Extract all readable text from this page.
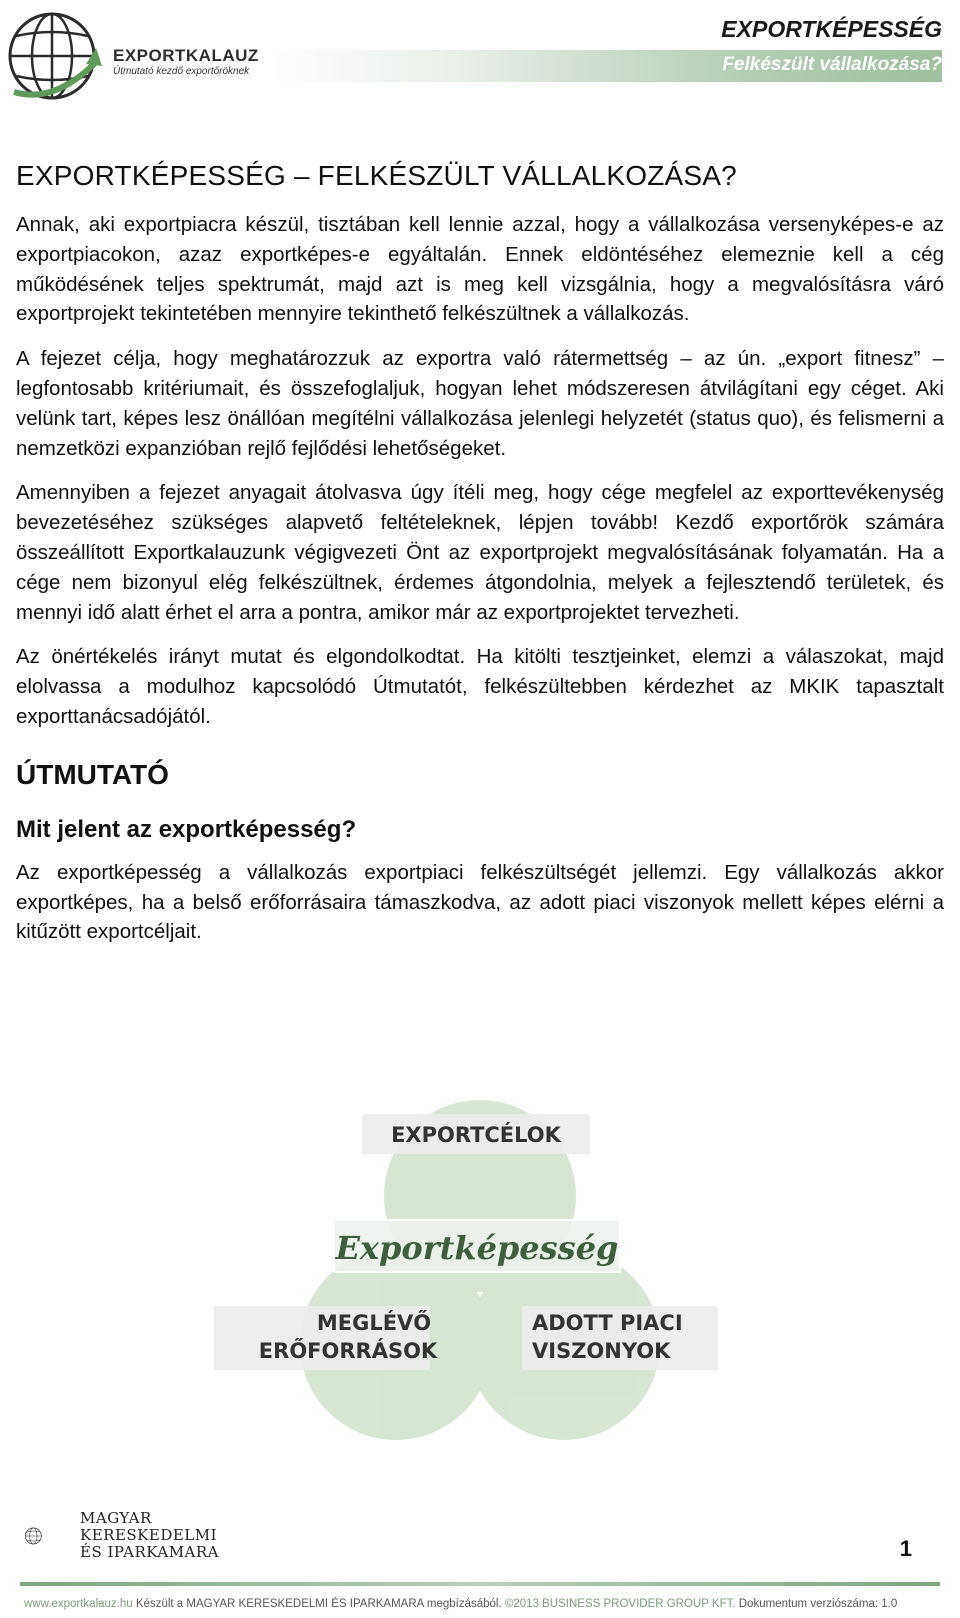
EXPORTKALAUZ
Útmutató kezdő exportőröknek
EXPORTKÉPESSÉG
Felkészült vállalkozása?
EXPORTKÉPESSÉG – FELKÉSZÜLT VÁLLALKOZÁSA?

Annak, aki exportpiacra készül, tisztában kell lennie azzal, hogy a vállalkozása versenyképes-e az exportpiacokon, azaz exportképes-e egyáltalán. Ennek eldöntéséhez elemeznie kell a cég működésének teljes spektrumát, majd azt is meg kell vizsgálnia, hogy a megvalósításra váró exportprojekt tekintetében mennyire tekinthető felkészültnek a vállalkozás.

A fejezet célja, hogy meghatározzuk az exportra való rátermettség – az ún. „export fitnesz” – legfontosabb kritériumait, és összefoglaljuk, hogyan lehet módszeresen átvilágítani egy céget. Aki velünk tart, képes lesz önállóan megítélni vállalkozása jelenlegi helyzetét (status quo), és felismerni a nemzetközi expanzióban rejlő fejlődési lehetőségeket.

Amennyiben a fejezet anyagait átolvasva úgy ítéli meg, hogy cége megfelel az exporttevékenység bevezetéséhez szükséges alapvető feltételeknek, lépjen tovább! Kezdő exportőrök számára összeállított Exportkalauzunk végigvezeti Önt az exportprojekt megvalósításának folyamatán. Ha a cége nem bizonyul elég felkészültnek, érdemes átgondolnia, melyek a fejlesztendő területek, és mennyi idő alatt érhet el arra a pontra, amikor már az exportprojektet tervezheti.

Az önértékelés irányt mutat és elgondolkodtat. Ha kitölti tesztjeinket, elemzi a válaszokat, majd elolvassa a modulhoz kapcsolódó Útmutatót, felkészültebben kérdezhet az MKIK tapasztalt exporttanácsadójától.

ÚTMUTATÓ
Mit jelent az exportképesség?

Az exportképesség a vállalkozás exportpiaci felkészültségét jellemzi. Egy vállalkozás akkor exportképes, ha a belső erőforrásaira támaszkodva, az adott piaci viszonyok mellett képes elérni a kitűzött exportcéljait.

EXPORTCÉLOK
Exportképesség
MEGLÉVŐ
ERŐFORRÁSOK
ADOTT PIACI
VISZONYOK
MAGYAR
KERESKEDELMI
ÉS IPARKAMARA	1
www.exportkalauz.hu Készült a MAGYAR KERESKEDELMI ÉS IPARKAMARA megbízásából. ©2013 BUSINESS PROVIDER GROUP KFT. Dokumentum verziószáma: 1.0
